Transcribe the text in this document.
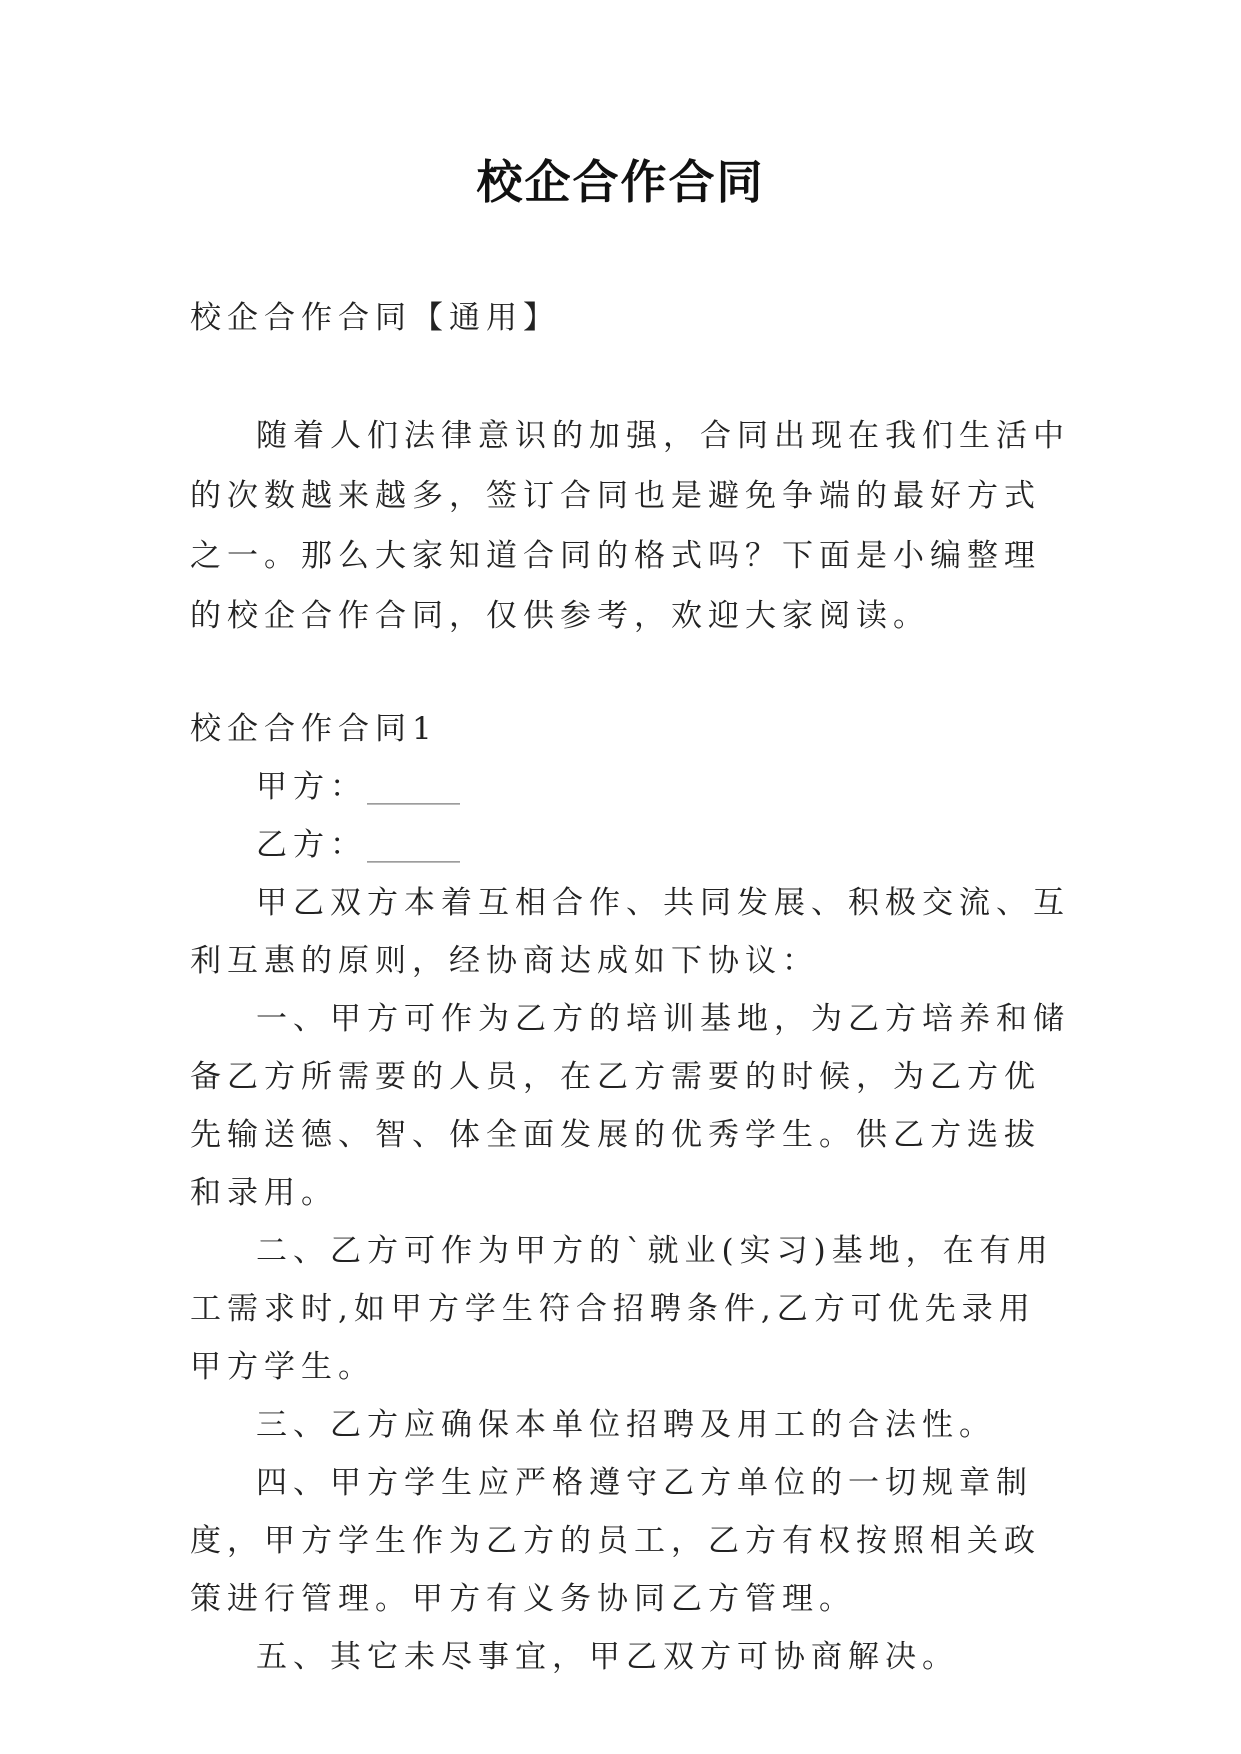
校企合作合同
校企合作合同【通用】
随着人们法律意识的加强，合同出现在我们生活中的次数越来越多，签订合同也是避免争端的最好方式之一。那么大家知道合同的格式吗？下面是小编整理的校企合作合同，仅供参考，欢迎大家阅读。

校企合作合同1

甲方：______

乙方：______

甲乙双方本着互相合作、共同发展、积极交流、互利互惠的原则，经协商达成如下协议：

一、甲方可作为乙方的培训基地，为乙方培养和储备乙方所需要的人员，在乙方需要的时候，为乙方优先输送德、智、体全面发展的优秀学生。供乙方选拔和录用。

二、乙方可作为甲方的`就业(实习)基地，在有用工需求时,如甲方学生符合招聘条件,乙方可优先录用甲方学生。

三、乙方应确保本单位招聘及用工的合法性。

四、甲方学生应严格遵守乙方单位的一切规章制度，甲方学生作为乙方的员工，乙方有权按照相关政策进行管理。甲方有义务协同乙方管理。

五、其它未尽事宜，甲乙双方可协商解决。
